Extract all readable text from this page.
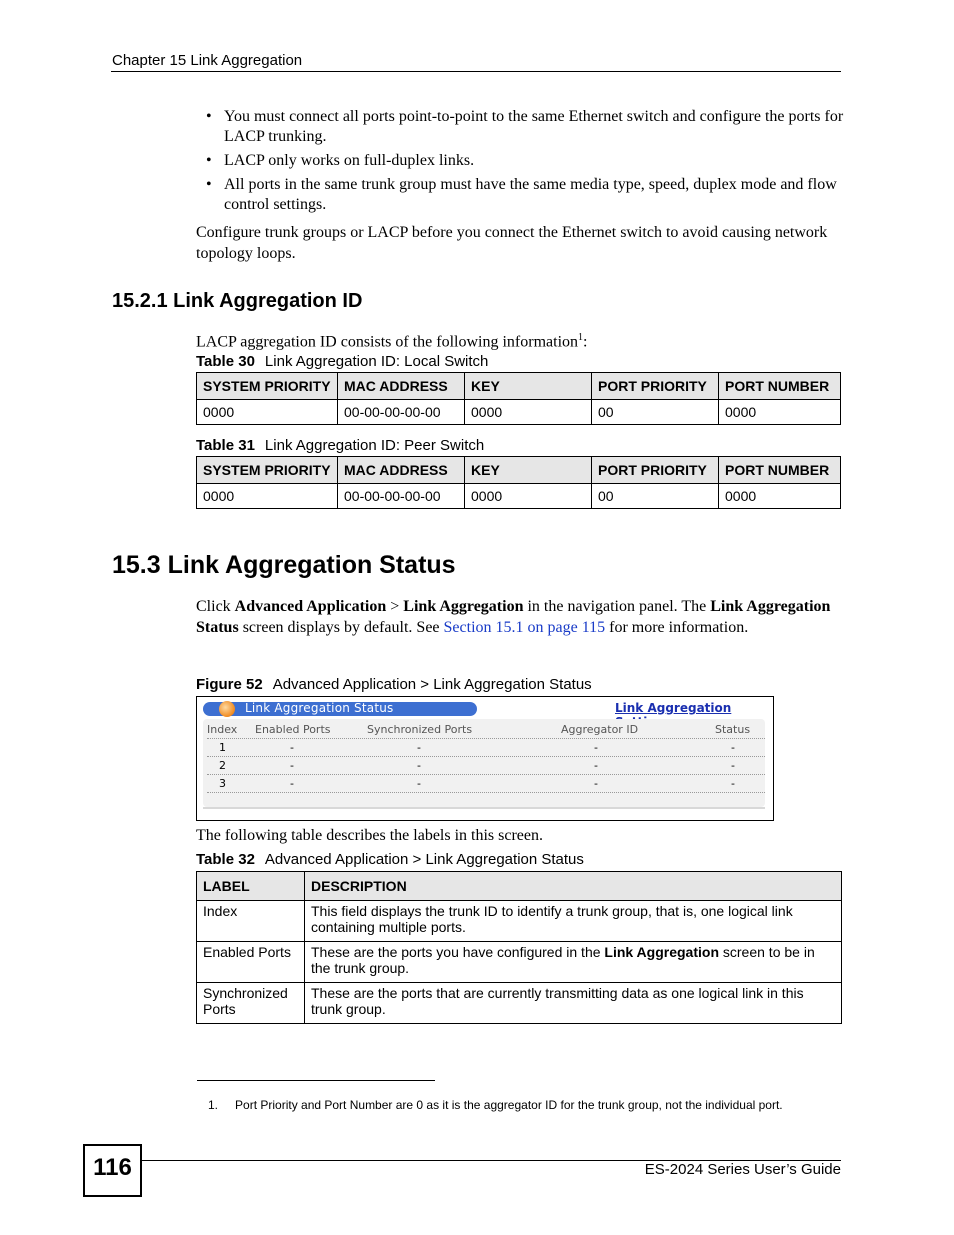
Chapter 15 Link Aggregation
• You must connect all ports point-to-point to the same Ethernet switch and configure the ports for LACP trunking.
• LACP only works on full-duplex links.
• All ports in the same trunk group must have the same media type, speed, duplex mode and flow control settings.
Configure trunk groups or LACP before you connect the Ethernet switch to avoid causing network topology loops.
15.2.1 Link Aggregation ID
LACP aggregation ID consists of the following information$^1$:
Table 30 Link Aggregation ID: Local Switch
SYSTEM PRIORITY	MAC ADDRESS	KEY	PORT PRIORITY	PORT NUMBER
0000	00-00-00-00-00	0000	00	0000
Table 31 Link Aggregation ID: Peer Switch
SYSTEM PRIORITY	MAC ADDRESS	KEY	PORT PRIORITY	PORT NUMBER
0000	00-00-00-00-00	0000	00	0000
15.3 Link Aggregation Status
Click Advanced Application > Link Aggregation in the navigation panel. The Link Aggregation Status screen displays by default. See Section 15.1 on page 115 for more information.
Figure 52 Advanced Application > Link Aggregation Status
Link Aggregation Status	Link Aggregation
Index Enabled Ports	Synchronized Ports	Aggregator ID	Status
1	-	-	-	-
2	-	-	-	-
3	-	-	-	-
The following table describes the labels in this screen.
Table 32 Advanced Application > Link Aggregation Status
LABEL	DESCRIPTION
Index	This field displays the trunk ID to identify a trunk group, that is, one logical link containing multiple ports.
Enabled Ports	These are the ports you have configured in the Link Aggregation screen to be in the trunk group.
Synchronized Ports	These are the ports that are currently transmitting data as one logical link in this trunk group.
1. Port Priority and Port Number are 0 as it is the aggregator ID for the trunk group, not the individual port.
116	ES-2024 Series User’s Guide
